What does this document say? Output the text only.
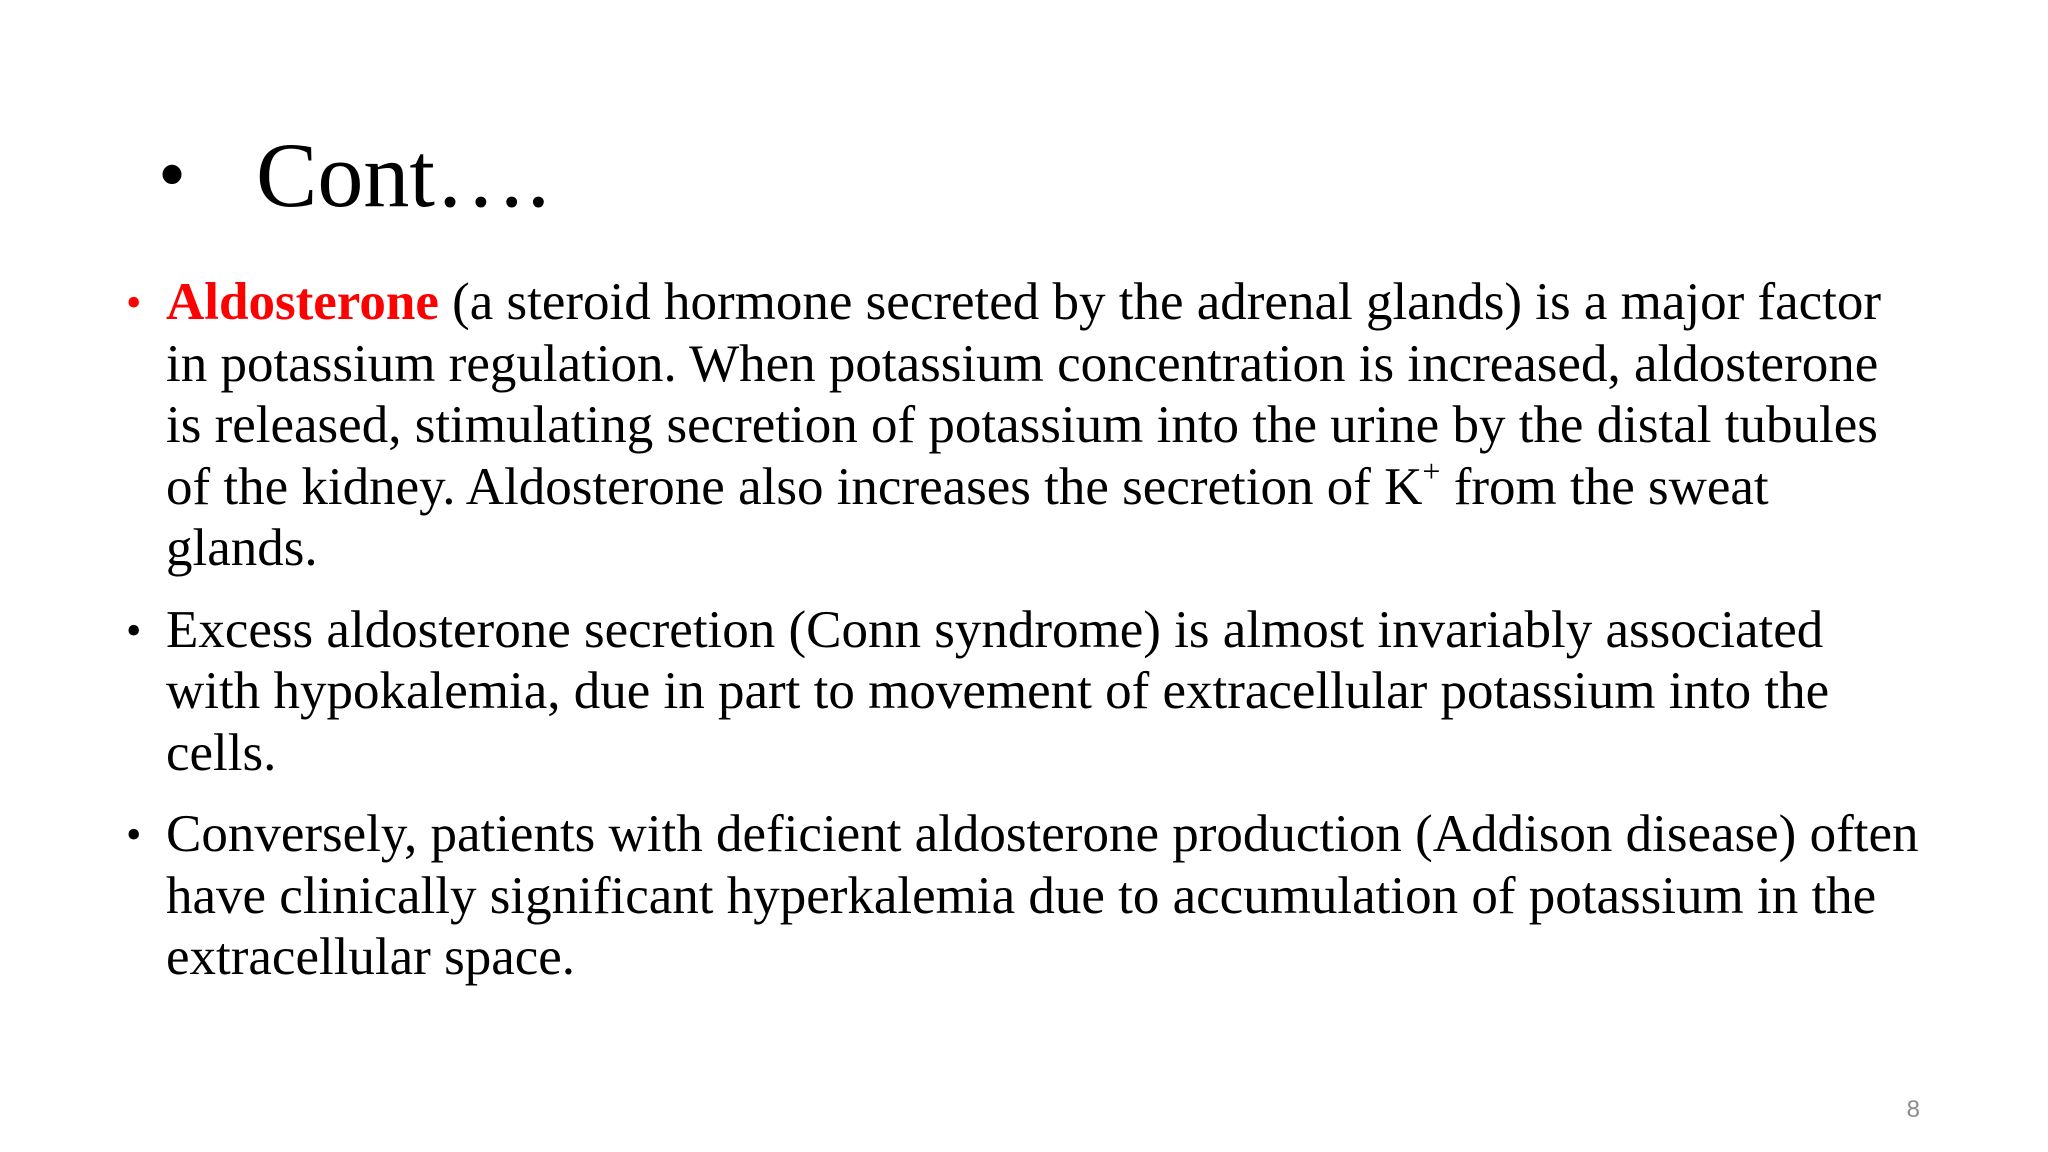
• Cont….
• Aldosterone (a steroid hormone secreted by the adrenal glands) is a major factor in potassium regulation. When potassium concentration is increased, aldosterone is released, stimulating secretion of potassium into the urine by the distal tubules of the kidney. Aldosterone also increases the secretion of K+ from the sweat glands.
• Excess aldosterone secretion (Conn syndrome) is almost invariably associated with hypokalemia, due in part to movement of extracellular potassium into the cells.
• Conversely, patients with deficient aldosterone production (Addison disease) often have clinically significant hyperkalemia due to accumulation of potassium in the extracellular space.
8
